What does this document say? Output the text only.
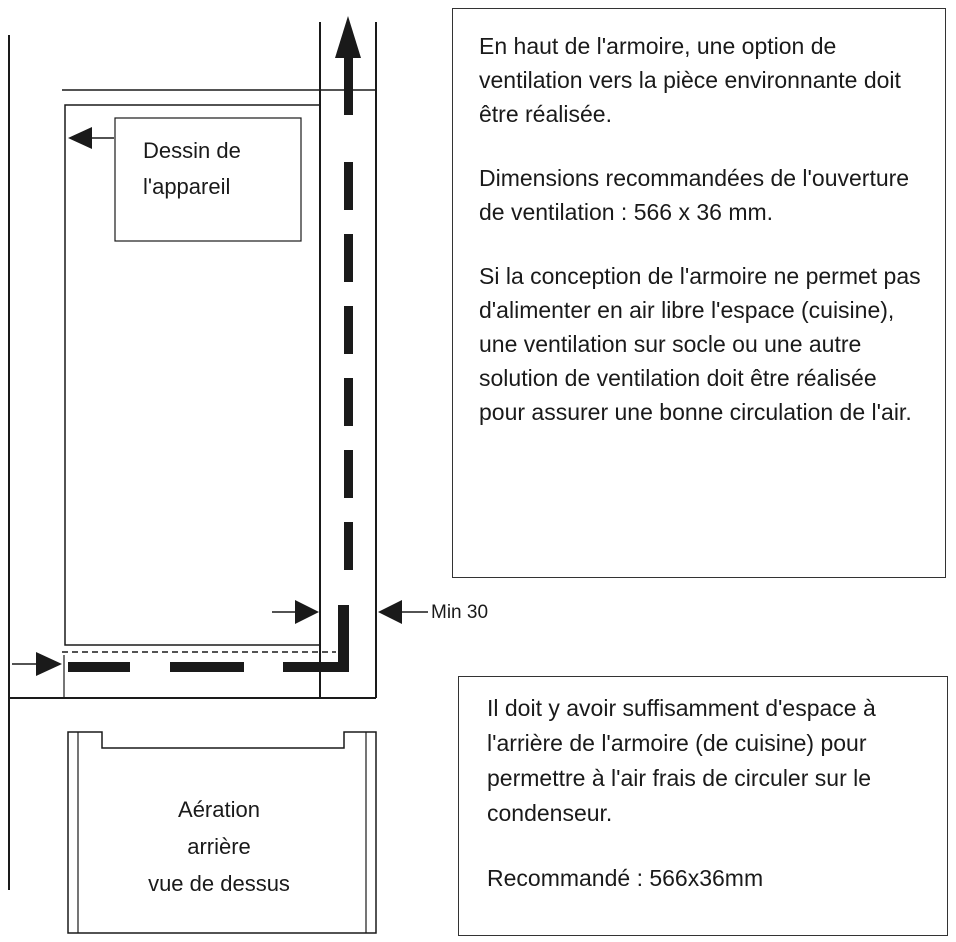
Dessin de
l'appareil
Min 30
Aération
arrière
vue de dessus

En haut de l'armoire, une option de ventilation vers la pièce environnante doit être réalisée.

Dimensions recommandées de l'ouverture de ventilation : 566 x 36 mm.

Si la conception de l'armoire ne permet pas d'alimenter en air libre l'espace (cuisine), une ventilation sur socle ou une autre solution de ventilation doit être réalisée pour assurer une bonne circulation de l'air.

Il doit y avoir suffisamment d'espace à l'arrière de l'armoire (de cuisine) pour permettre à l'air frais de circuler sur le condenseur.

Recommandé : 566x36mm
